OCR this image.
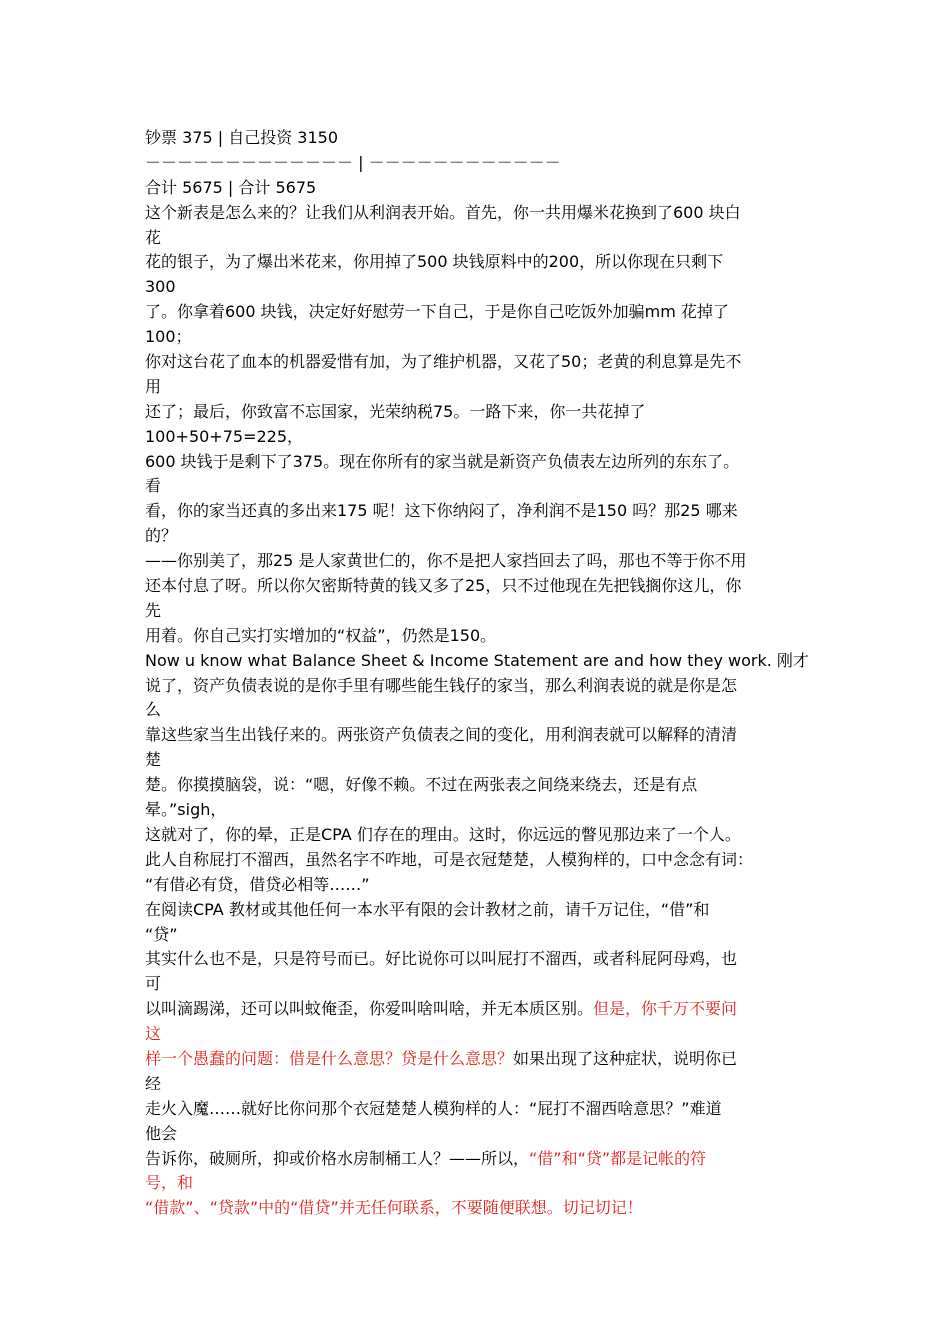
钞票 375 | 自己投资 3150
－－－－－－－－－－－－－ | －－－－－－－－－－－－
合计 5675 | 合计 5675
这个新表是怎么来的？让我们从利润表开始。首先，你一共用爆米花换到了600 块白
花
花的银子，为了爆出米花来，你用掉了500 块钱原料中的200，所以你现在只剩下
300
了。你拿着600 块钱，决定好好慰劳一下自己，于是你自己吃饭外加骗mm 花掉了
100；
你对这台花了血本的机器爱惜有加，为了维护机器，又花了50；老黄的利息算是先不
用
还了；最后，你致富不忘国家，光荣纳税75。一路下来，你一共花掉了
100+50+75=225，
600 块钱于是剩下了375。现在你所有的家当就是新资产负债表左边所列的东东了。
看
看，你的家当还真的多出来175 呢！这下你纳闷了，净利润不是150 吗？那25 哪来
的？
——你别美了，那25 是人家黄世仁的，你不是把人家挡回去了吗，那也不等于你不用
还本付息了呀。所以你欠密斯特黄的钱又多了25，只不过他现在先把钱搁你这儿，你
先
用着。你自己实打实增加的“权益”，仍然是150。
Now u know what Balance Sheet & Income Statement are and how they work. 刚才
说了，资产负债表说的是你手里有哪些能生钱仔的家当，那么利润表说的就是你是怎
么
靠这些家当生出钱仔来的。两张资产负债表之间的变化，用利润表就可以解释的清清
楚
楚。你摸摸脑袋，说：“嗯，好像不赖。不过在两张表之间绕来绕去，还是有点
晕。”sigh，
这就对了，你的晕，正是CPA 们存在的理由。这时，你远远的瞥见那边来了一个人。
此人自称屁打不溜西，虽然名字不咋地，可是衣冠楚楚，人模狗样的，口中念念有词：
“有借必有贷，借贷必相等……”
在阅读CPA 教材或其他任何一本水平有限的会计教材之前，请千万记住，“借”和
“贷”
其实什么也不是，只是符号而已。好比说你可以叫屁打不溜西，或者科屁阿母鸡，也
可
以叫滴踢涕，还可以叫蚊俺歪，你爱叫啥叫啥，并无本质区别。但是，你千万不要问
这
样一个愚蠢的问题：借是什么意思？贷是什么意思？如果出现了这种症状，说明你已
经
走火入魔……就好比你问那个衣冠楚楚人模狗样的人：“屁打不溜西啥意思？”难道
他会
告诉你，破厕所，抑或价格水房制桶工人？——所以，“借”和“贷”都是记帐的符
号，和
“借款”、“贷款”中的“借贷”并无任何联系，不要随便联想。切记切记！
